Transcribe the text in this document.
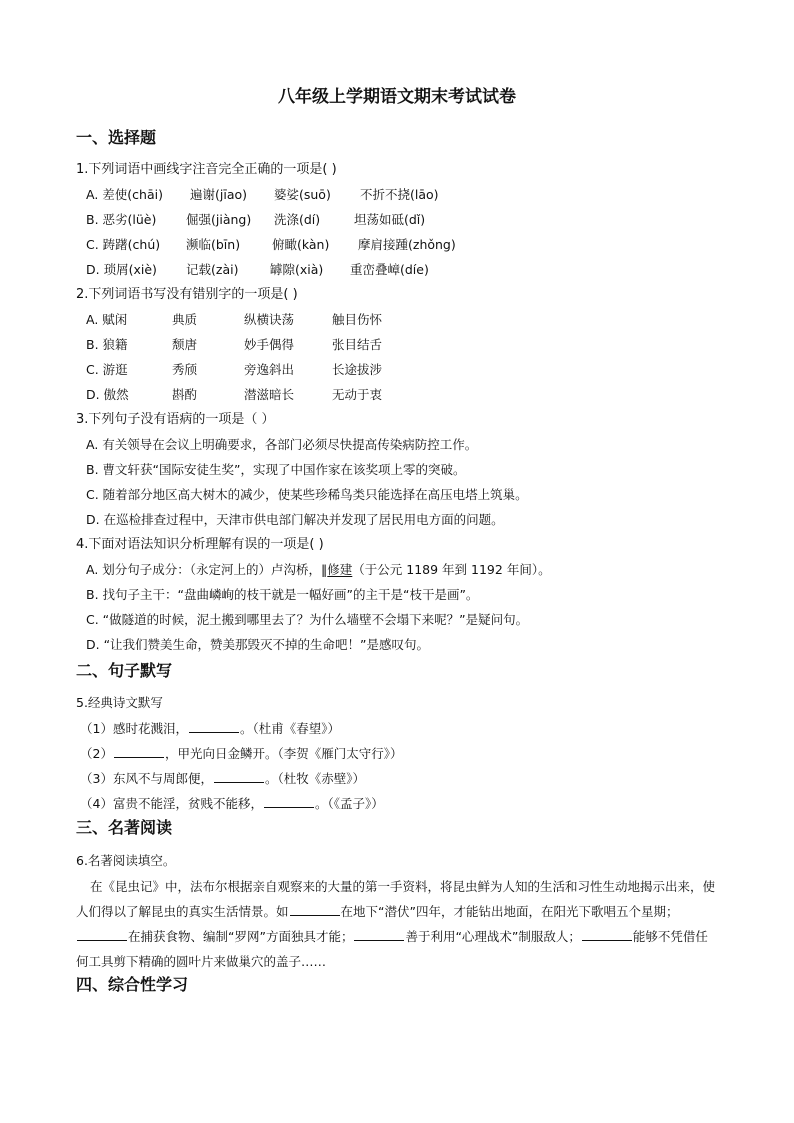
八年级上学期语文期末考试试卷
一、选择题
1.下列词语中画线字注音完全正确的一项是( )
A. 差使(chāi) 遍谢(jīao) 婆娑(suō) 不折不挠(lāo)
B. 恶劣(lüè) 倔强(jiàng) 洗涤(dí)	坦荡如砥(dǐ)
C. 踌躇(chú) 濒临(bīn)	俯瞰(kàn) 摩肩接踵(zhǒng)
D. 琐屑(xiè) 记载(zài)	罅隙(xià) 重峦叠嶂(díe)
2.下列词语书写没有错别字的一项是( )
A. 赋闲	典质	纵横诀荡	触目伤怀
B. 狼籍	颓唐	妙手偶得	张目结舌
C. 游逛	秀颀	旁逸斜出	长途拔涉
D. 傲然	斟酌	潜滋暗长	无动于衷
3.下列句子没有语病的一项是（ ）
A. 有关领导在会议上明确要求，各部门必须尽快提高传染病防控工作。
B. 曹文轩获“国际安徒生奖”，实现了中国作家在该奖项上零的突破。
C. 随着部分地区高大树木的减少，使某些珍稀鸟类只能选择在高压电塔上筑巢。
D. 在巡检排查过程中，天津市供电部门解决并发现了居民用电方面的问题。
4.下面对语法知识分析理解有误的一项是( )
A. 划分句子成分：（永定河上的）卢沟桥，‖修建（于公元 1189 年到 1192 年间）。
B. 找句子主干：“盘曲嶙峋的枝干就是一幅好画”的主干是“枝干是画”。
C. “做隧道的时候，泥土搬到哪里去了？为什么墙壁不会塌下来呢？”是疑问句。
D. “让我们赞美生命，赞美那毁灭不掉的生命吧！”是感叹句。
二、句子默写
5.经典诗文默写
（1）感时花溅泪，	。（杜甫《春望》）
（2）	，甲光向日金鳞开。（李贺《雁门太守行》）
（3）东风不与周郎便，	。（杜牧《赤壁》）
（4）富贵不能淫，贫贱不能移，	。（《孟子》）
三、名著阅读
6.名著阅读填空。
在《昆虫记》中，法布尔根据亲自观察来的大量的第一手资料，将昆虫鲜为人知的生活和习性生动地揭示出来，使人们得以了解昆虫的真实生活情景。如	在地下“潜伏”四年，才能钻出地面，在阳光下歌唱五个星期；在捕获食物、编制“罗网”方面独具才能；	善于利用“心理战术”制服敌人；	能够不凭借任何工具剪下精确的圆叶片来做巢穴的盖子……
四、综合性学习
